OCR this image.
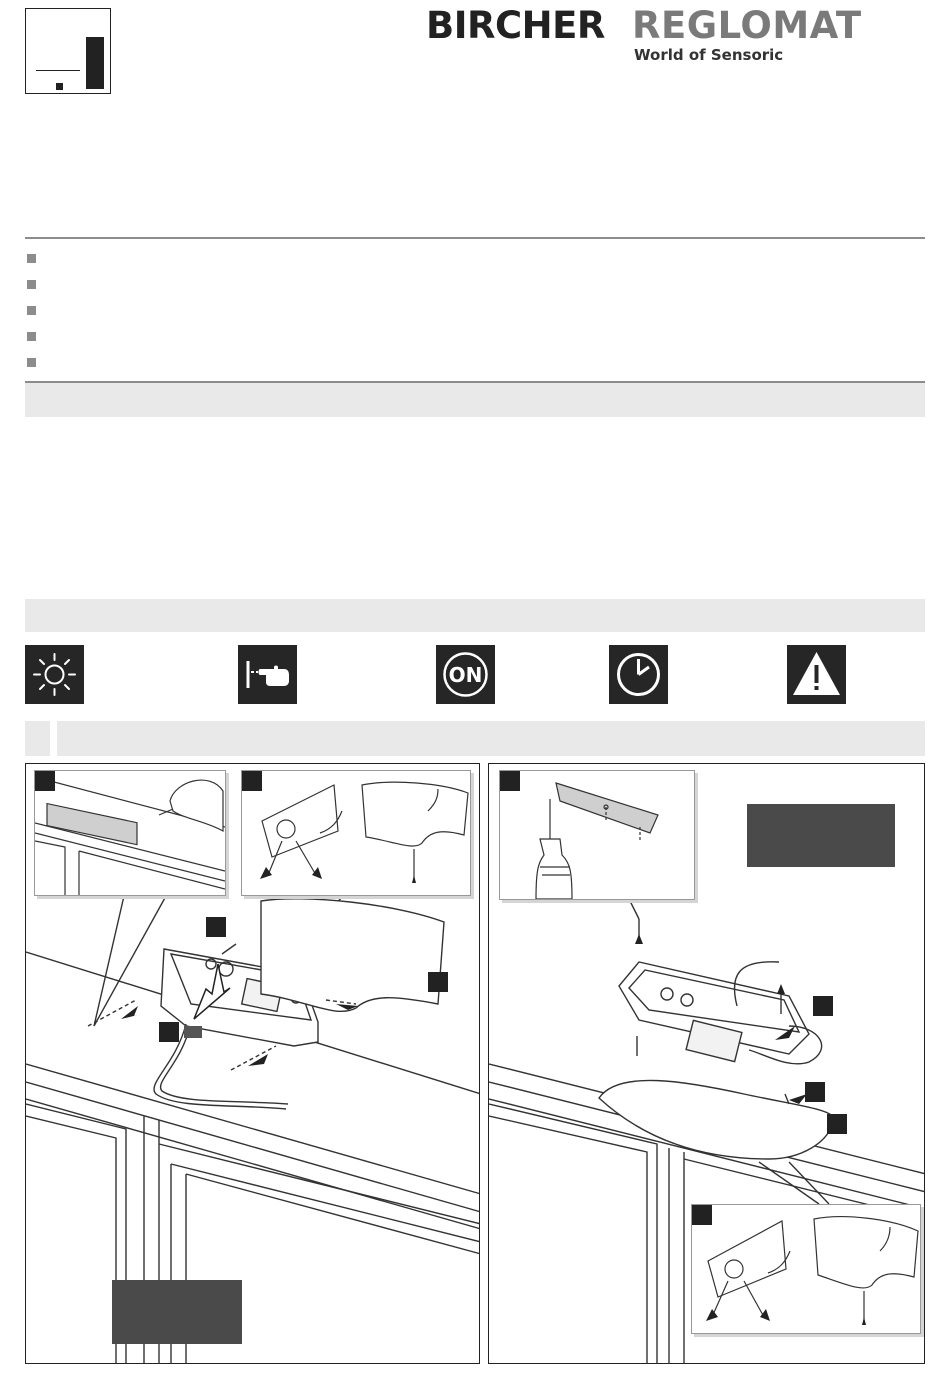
BIRCHER REGLOMAT
World of Sensoric
ON
